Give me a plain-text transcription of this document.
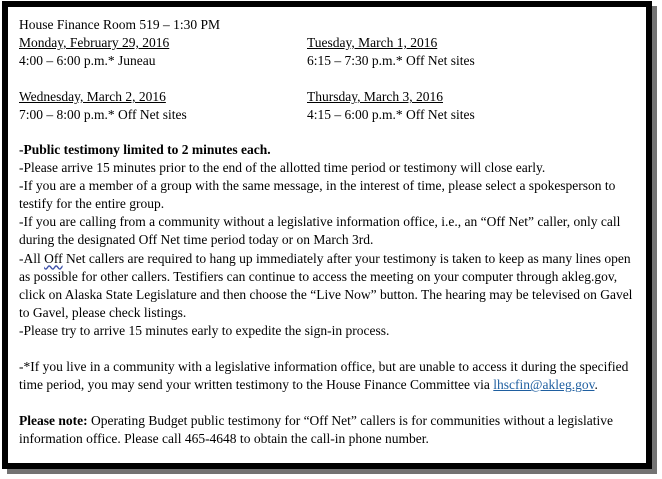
House Finance Room 519 – 1:30 PM
Monday, February 29, 2016	Tuesday, March 1, 2016
4:00 – 6:00 p.m.* Juneau	6:15 – 7:30 p.m.* Off Net sites
Wednesday, March 2, 2016	Thursday, March 3, 2016
7:00 – 8:00 p.m.* Off Net sites	4:15 – 6:00 p.m.* Off Net sites
-Public testimony limited to 2 minutes each.
-Please arrive 15 minutes prior to the end of the allotted time period or testimony will close early.
-If you are a member of a group with the same message, in the interest of time, please select a spokesperson to testify for the entire group.
-If you are calling from a community without a legislative information office, i.e., an “Off Net” caller, only call during the designated Off Net time period today or on March 3rd.
-All Off Net callers are required to hang up immediately after your testimony is taken to keep as many lines open as possible for other callers. Testifiers can continue to access the meeting on your computer through akleg.gov, click on Alaska State Legislature and then choose the “Live Now” button. The hearing may be televised on Gavel to Gavel, please check listings.
-Please try to arrive 15 minutes early to expedite the sign-in process.
-*If you live in a community with a legislative information office, but are unable to access it during the specified time period, you may send your written testimony to the House Finance Committee via lhscfin@akleg.gov.
Please note: Operating Budget public testimony for “Off Net” callers is for communities without a legislative information office. Please call 465-4648 to obtain the call-in phone number.
